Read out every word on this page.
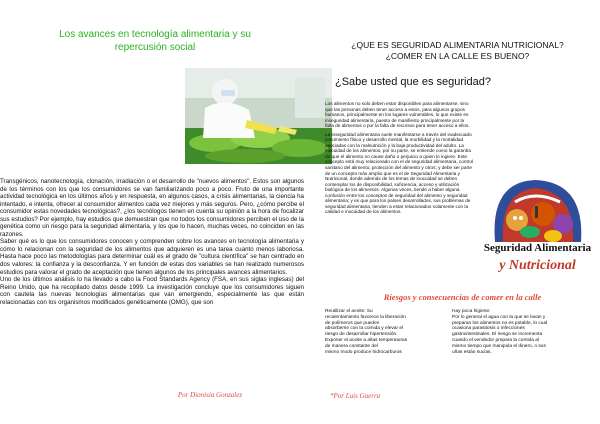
Los avances en tecnología alimentaria y su repercusión social

Transgénicos, nanotecnología, clonación, irradiación o el desarrollo de "nuevos alimentos". Estos son algunos de los términos con los que los consumidores se van familiarizando poco a poco. Fruto de una importante actividad tecnológica en los últimos años y en respuesta, en algunos casos, a crisis alimentarias, la ciencia ha intentado, e intenta, ofrecer al consumidor alimentos cada vez mejores y más seguros. Pero, ¿cómo percibe el consumidor estas novedades tecnológicas?, ¿los tecnólogos tienen en cuenta su opinión a la hora de focalizar sus estudios? Por ejemplo, hay estudios que demuestran que no todos los consumidores perciben el uso de la genética como un riesgo para la seguridad alimentaria, y los que lo hacen, muchas veces, no coinciden en las razones.

Saber qué es lo que los consumidores conocen y comprenden sobre los avances en tecnología alimentaria y cómo lo relacionan con la seguridad de los alimentos que adquieren es una tarea cuanto menos laboriosa. Hasta hace poco las metodologías para determinar cuál es el grado de "cultura científica" se han centrado en dos valores: la confianza y la desconfianza. Y en función de estas dos variables se han realizado numerosos estudios para valorar el grado de aceptación que tienen algunos de los principales avances alimentarios.

Uno de los últimos análisis lo ha llevado a cabo la Food Standards Agency (FSA, en sus siglas inglesas) del Reino Unido, que ha recopilado datos desde 1999. La investigación concluye que los consumidores siguen con cautela las nuevas tecnologías alimentarias que van emergiendo, especialmente las que están relacionadas con los organismos modificados genéticamente (OMG), que son

Por Dionisia Gonzalez
¿QUE ES SEGURIDAD ALIMENTARIA NUTRICIONAL?
¿COMER EN LA CALLE ES BUENO?
¿Sabe usted que es seguridad?

Los alimentos no solo deben estar disponibles para alimentarse, sino que las personas deben tener acceso a estos, para algunos grupos humanos, principalmente en los lugares vulnerables, lo que existe es inseguridad alimentaria, puesto de manifiesto principalmente por la falta de alimentos o por la falta de recursos para tener acceso a ellos.

La inseguridad alimentaria suele manifestarse a través del inadecuado crecimiento físico y desarrollo mental, la morbilidad y la mortalidad asociadas con la malnutrición y la baja productividad del adulto. La inocuidad de los alimentos, por su parte, se entiende como la garantía de que el alimento no cause daño o perjuicio a quien lo ingiere. Este concepto está muy relacionado con el de seguridad alimentaria, control sanitario del alimento, protección del alimento y otros; y debe ser parte de un concepto más amplio que es el de Seguridad Alimentaria y Nutricional, donde además de los temas de inocuidad se deben contemplar los de disponibilidad, suficiencia, acceso y utilización biológica de los alimentos. Algunas veces, tiende a haber alguna confusión entre los conceptos de seguridad del alimento y seguridad alimentaria; y es que para los países desarrollados, sus problemas de seguridad alimentaria, tienden a estar relacionados solamente con la calidad e inocuidad de los alimentos.

Seguridad Alimentaria
y Nutricional
Riesgos y consecuencias de comer en la calle

Reutilizar el aceite: Su

recalentamiento favorece la liberación

de polímeros que pueden

absorberse con la comida y elevar el

riesgo de desarrollar hipertensión.

Exponer el aceite a altas temperaturas

de manera constante del

mismo modo produce hidrocarburos

Hay poca higiene:

Por lo general el agua con la que se lavan y

preparan los alimentos no es potable, lo cual

ocasiona parasitosis o infecciones

gastrointestinales. El riesgo se incrementa

cuando el vendedor prepara la comida al

mismo tiempo que manipula el dinero, o sus

uñas están sucias.

*Por Luis Guerra
